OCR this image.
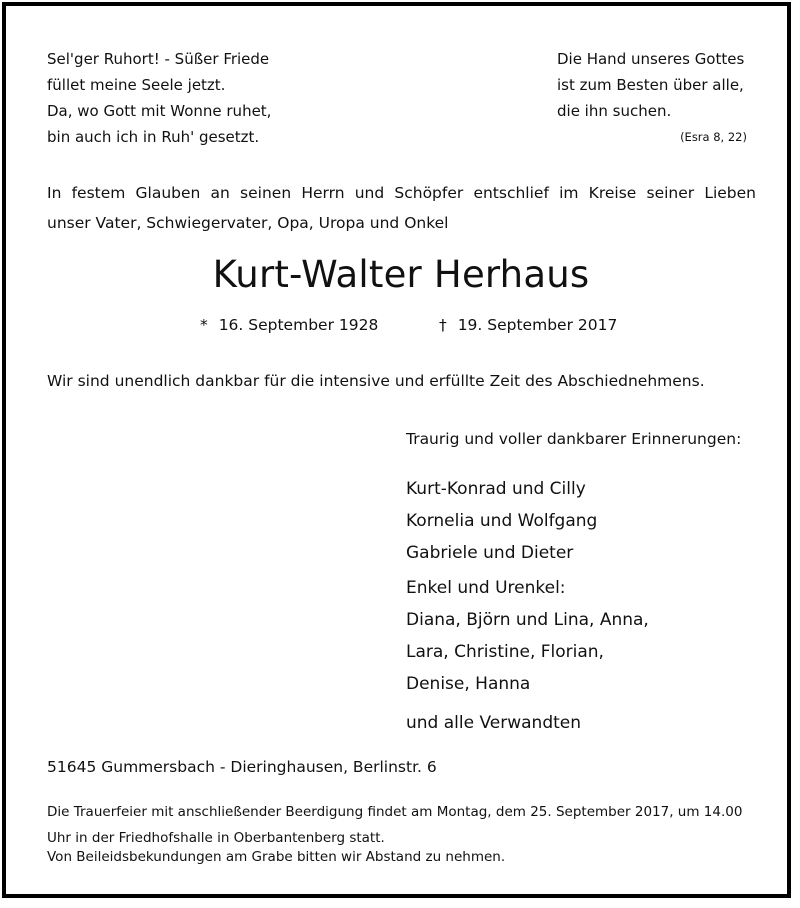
Sel'ger Ruhort! - Süßer Friede
füllet meine Seele jetzt.
Da, wo Gott mit Wonne ruhet,
bin auch ich in Ruh' gesetzt.
Die Hand unseres Gottes
ist zum Besten über alle,
die ihn suchen.
(Esra 8, 22)
In festem Glauben an seinen Herrn und Schöpfer entschlief im Kreise seiner Lieben
unser Vater, Schwiegervater, Opa, Uropa und Onkel
Kurt-Walter Herhaus
* 16. September 1928	† 19. September 2017
Wir sind unendlich dankbar für die intensive und erfüllte Zeit des Abschiednehmens.
Traurig und voller dankbarer Erinnerungen:
Kurt-Konrad und Cilly
Kornelia und Wolfgang
Gabriele und Dieter
Enkel und Urenkel:
Diana, Björn und Lina, Anna,
Lara, Christine, Florian,
Denise, Hanna
und alle Verwandten
51645 Gummersbach - Dieringhausen, Berlinstr. 6
Die Trauerfeier mit anschließender Beerdigung findet am Montag, dem 25. September 2017, um 14.00 Uhr in der Friedhofshalle in Oberbantenberg statt.
Von Beileidsbekundungen am Grabe bitten wir Abstand zu nehmen.
